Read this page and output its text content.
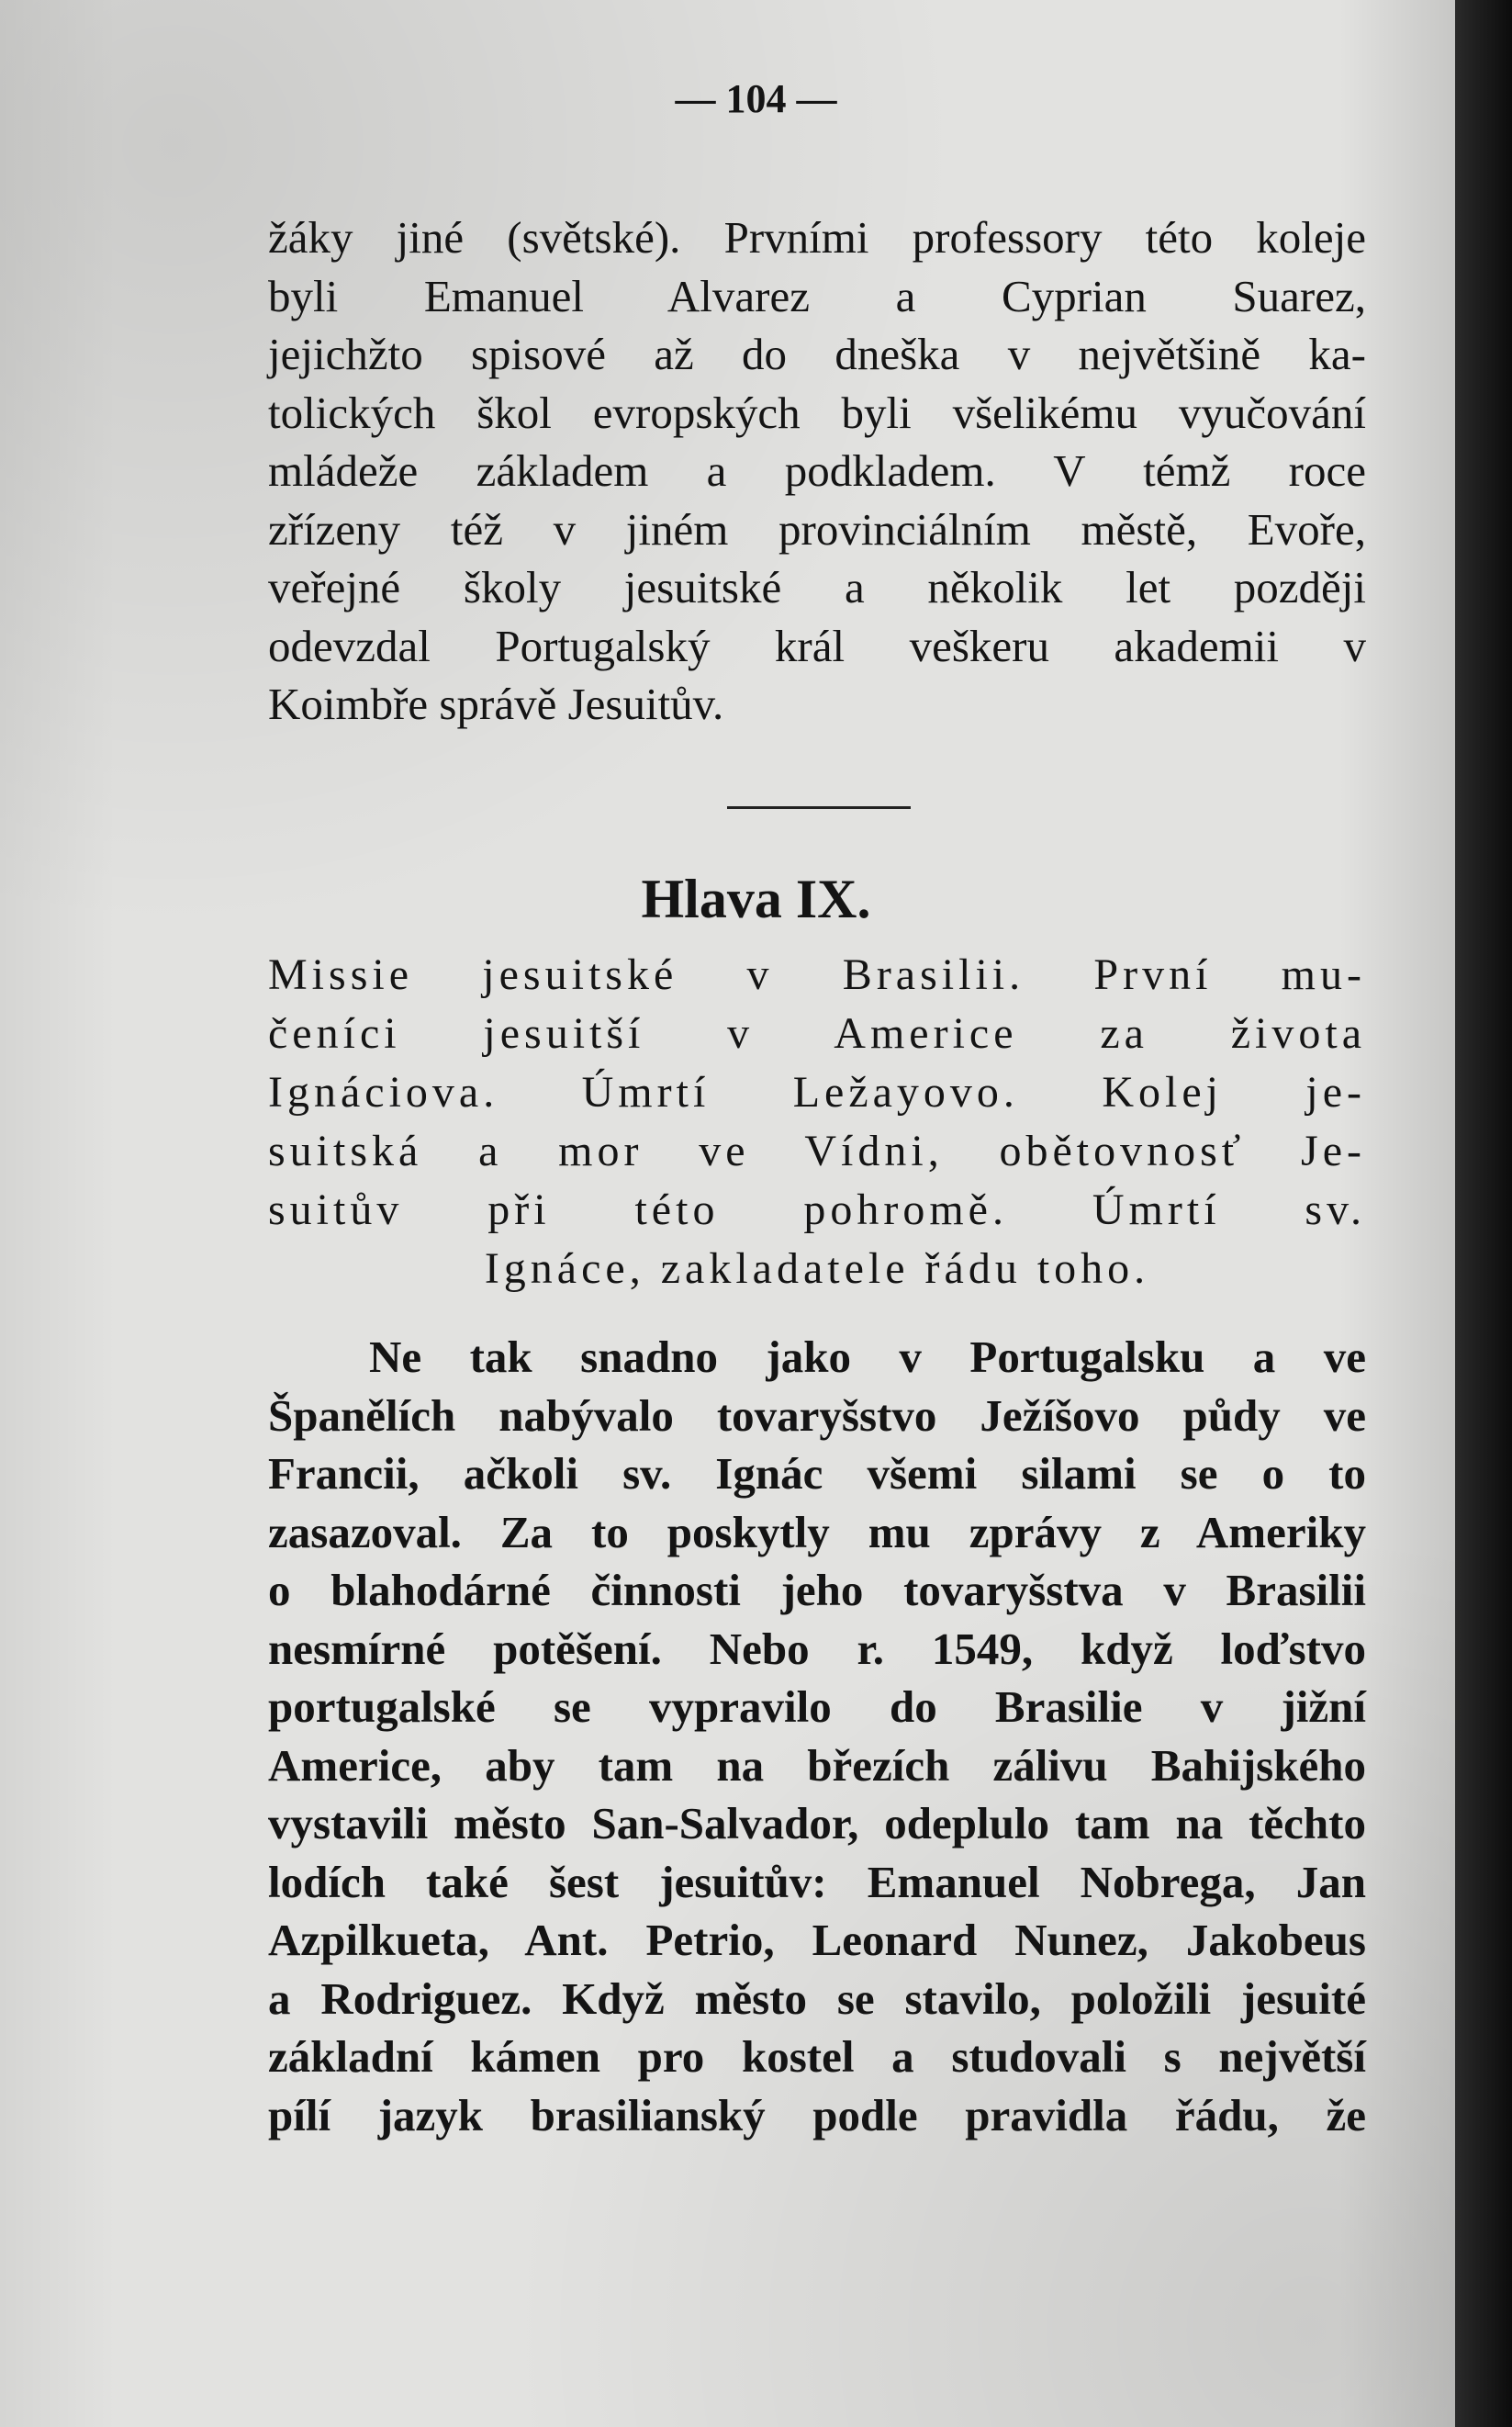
— 104 —
žáky jiné (světské). Prvními professory této koleje
byli Emanuel Alvarez a Cyprian Suarez,
jejichžto spisové až do dneška v největšině ka-
tolických škol evropských byli všelikému vyučování
mládeže základem a podkladem. V témž roce
zřízeny též v jiném provinciálním městě, Evoře,
veřejné školy jesuitské a několik let později
odevzdal Portugalský král veškeru akademii v
Koimbře správě Jesuitův.
Hlava IX.
Missie jesuitské v Brasilii. První mu-
čeníci jesuitší v Americe za života
Ignáciova. Úmrtí Ležayovo. Kolej je-
suitská a mor ve Vídni, obětovnosť Je-
suitův při této pohromě. Úmrtí sv.
Ignáce, zakladatele řádu toho.
Ne tak snadno jako v Portugalsku a ve
Španělích nabývalo tovaryšstvo Ježíšovo půdy ve
Francii, ačkoli sv. Ignác všemi silami se o to
zasazoval. Za to poskytly mu zprávy z Ameriky
o blahodárné činnosti jeho tovaryšstva v Brasilii
nesmírné potěšení. Nebo r. 1549, když loďstvo
portugalské se vypravilo do Brasilie v jižní
Americe, aby tam na březích zálivu Bahijského
vystavili město San-Salvador, odeplulo tam na těchto
lodích také šest jesuitův: Emanuel Nobrega, Jan
Azpilkueta, Ant. Petrio, Leonard Nunez, Jakobeus
a Rodriguez. Když město se stavilo, položili jesuité
základní kámen pro kostel a studovali s největší
pílí jazyk brasilianský podle pravidla řádu, že
